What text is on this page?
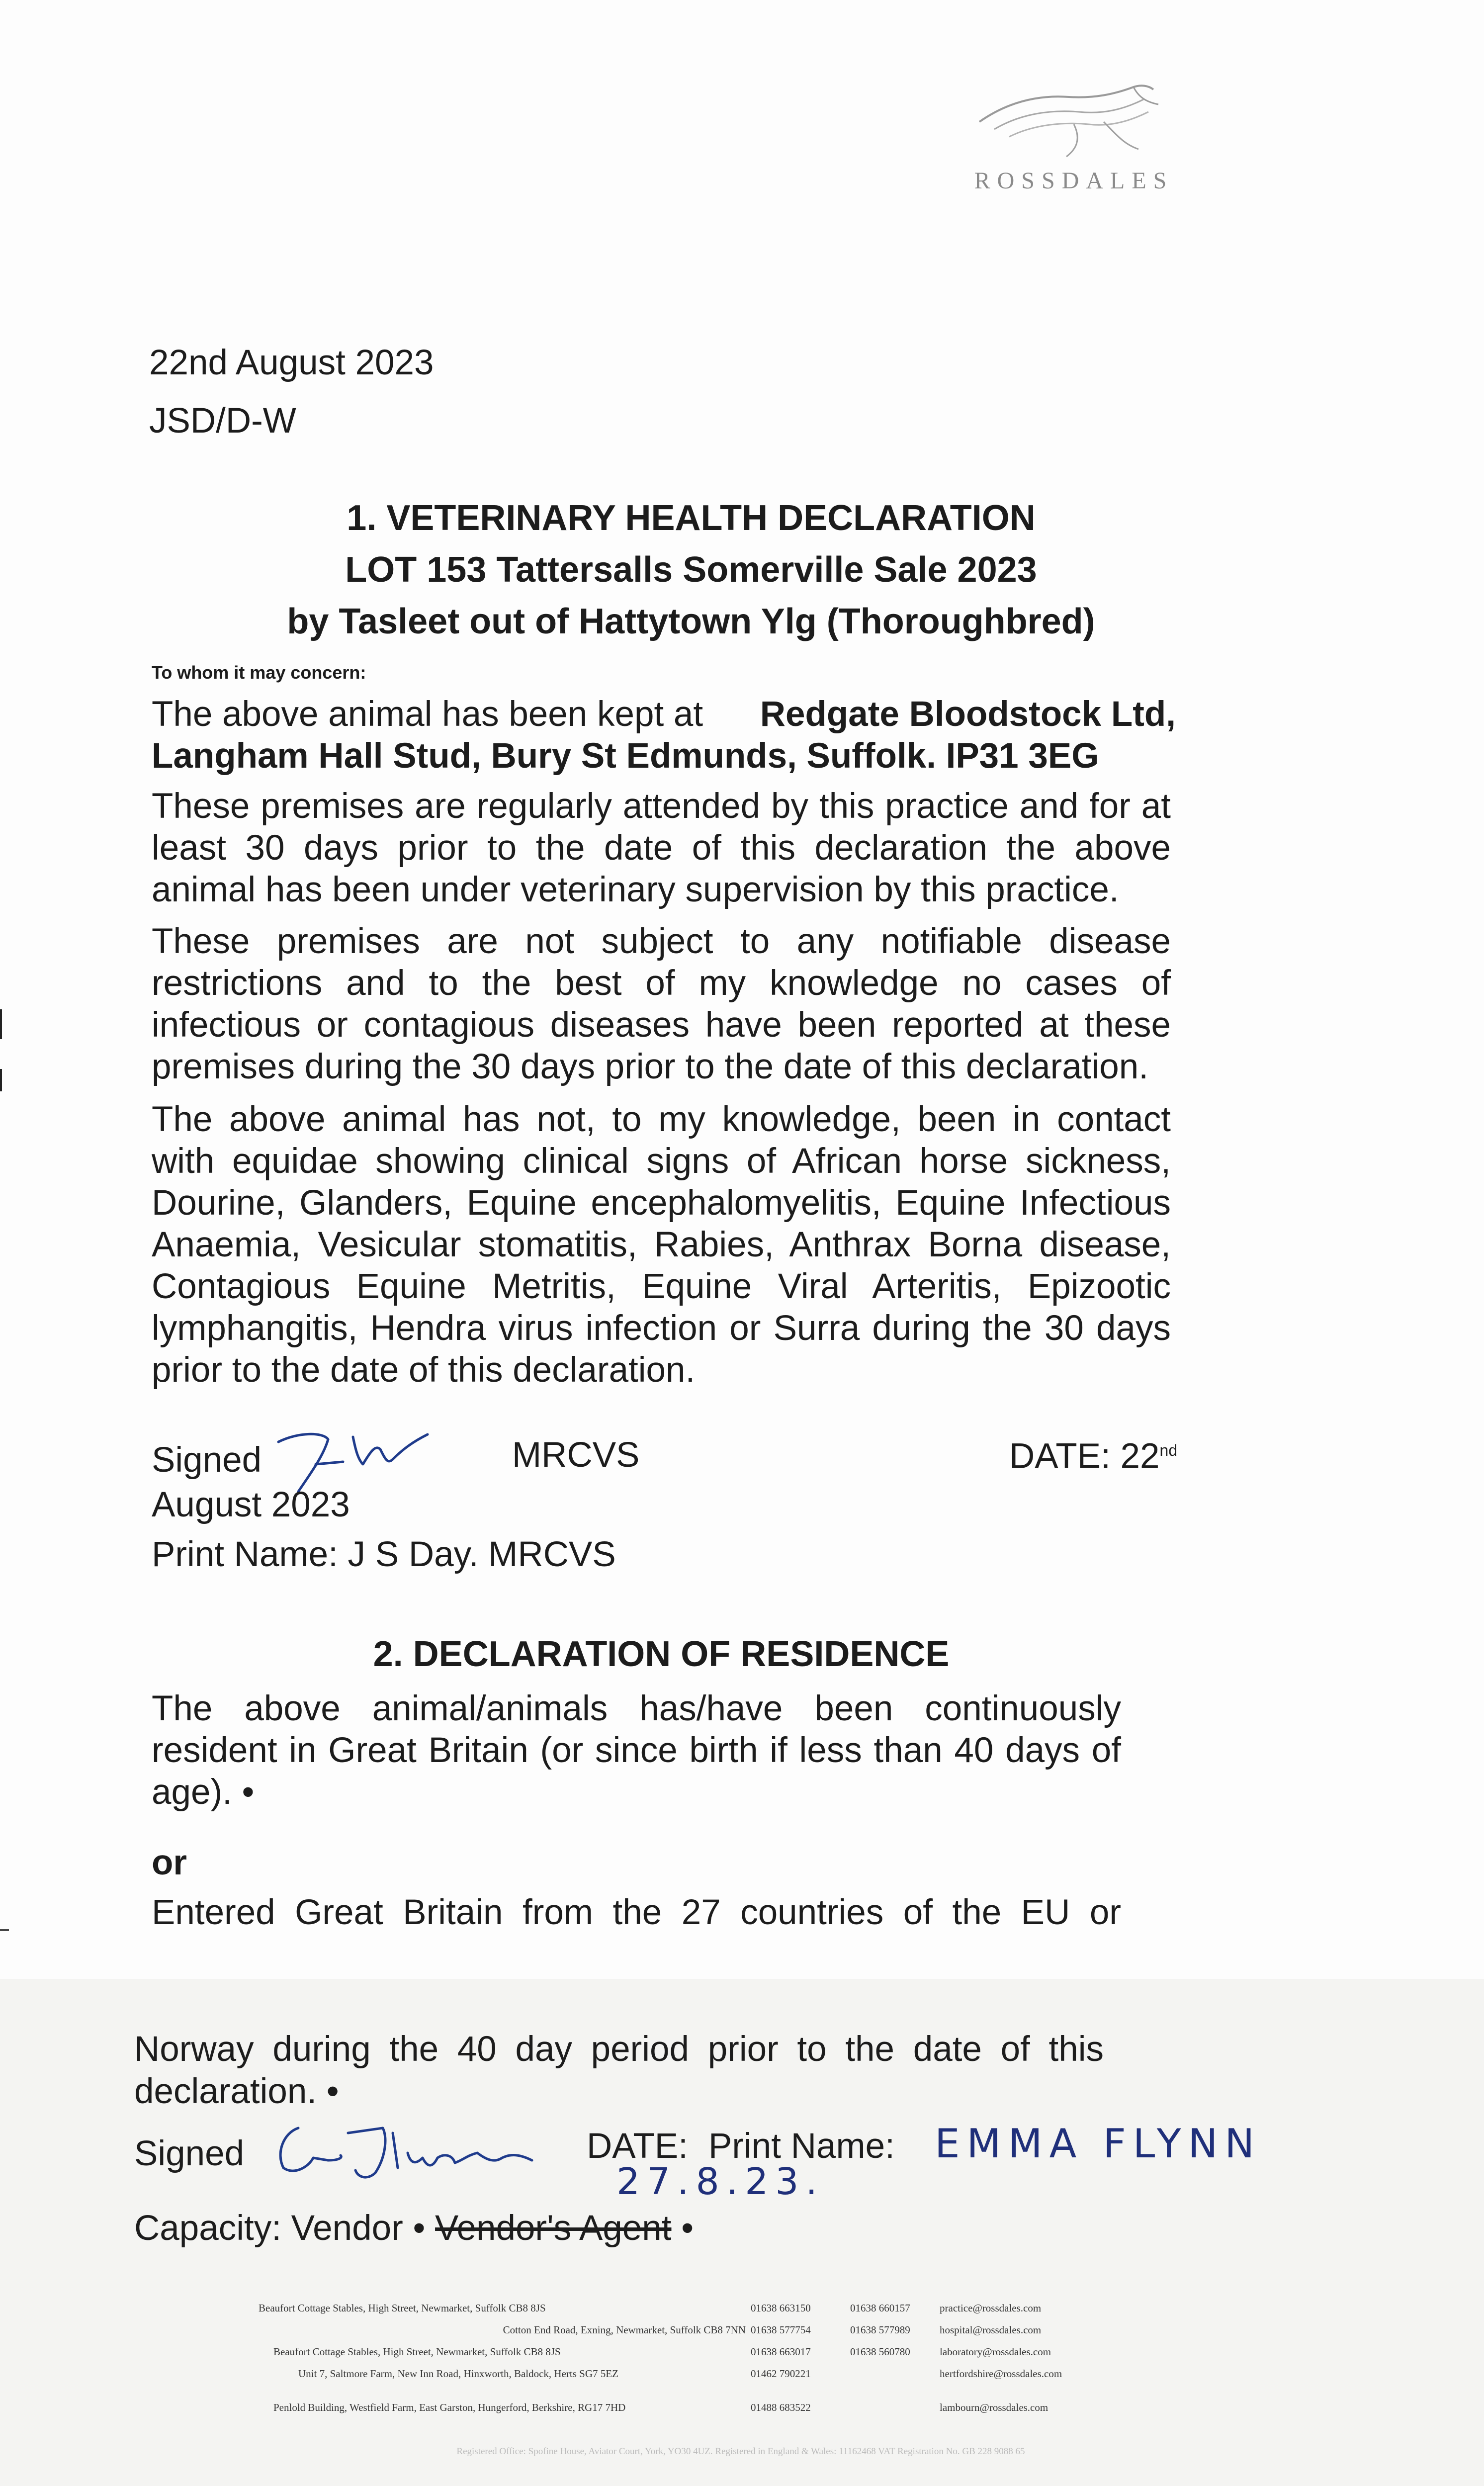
ROSSDALES
22nd August 2023
JSD/D-W
1. VETERINARY HEALTH DECLARATION
LOT 153 Tattersalls Somerville Sale 2023
by Tasleet out of Hattytown Ylg (Thoroughbred)
To whom it may concern:
The above animal has been kept at Redgate Bloodstock Ltd,
Langham Hall Stud, Bury St Edmunds, Suffolk. IP31 3EG
These premises are regularly attended by this practice and for at
least 30 days prior to the date of this declaration the above
animal has been under veterinary supervision by this practice.
These premises are not subject to any notifiable disease
restrictions and to the best of my knowledge no cases of
infectious or contagious diseases have been reported at these
premises during the 30 days prior to the date of this declaration.
The above animal has not, to my knowledge, been in contact
with equidae showing clinical signs of African horse sickness,
Dourine, Glanders, Equine encephalomyelitis, Equine Infectious
Anaemia, Vesicular stomatitis, Rabies, Anthrax Borna disease,
Contagious Equine Metritis, Equine Viral Arteritis, Epizootic
lymphangitis, Hendra virus infection or Surra during the 30 days
prior to the date of this declaration.
Signed	MRCVS	DATE: 22nd
August 2023
Print Name: J S Day. MRCVS
2. DECLARATION OF RESIDENCE
The above animal/animals has/have been continuously
resident in Great Britain (or since birth if less than 40 days of
age). •
or
Entered Great Britain from the 27 countries of the EU or
Norway during the 40 day period prior to the date of this
declaration. •
Signed	DATE:
27.8.23.
Print Name: EMMA FLYNN
Capacity: Vendor • Vendor's Agent •
Beaufort Cottage Stables, High Street, Newmarket, Suffolk CB8 8JS	01638 663150	01638 660157	practice@rossdales.com
Cotton End Road, Exning, Newmarket, Suffolk CB8 7NN 01638 577754	01638 577989	hospital@rossdales.com
Beaufort Cottage Stables, High Street, Newmarket, Suffolk CB8 8JS	01638 663017	01638 560780	laboratory@rossdales.com
Unit 7, Saltmore Farm, New Inn Road, Hinxworth, Baldock, Herts SG7 5EZ	01462 790221	hertfordshire@rossdales.com
Penlold Building, Westfield Farm, East Garston, Hungerford, Berkshire, RG17 7HD	01488 683522	lambourn@rossdales.com
Registered Office: Spofine House, Aviator Court, York, YO30 4UZ. Registered in England & Wales: 11162468 VAT Registration No. GB 228 9088 65
